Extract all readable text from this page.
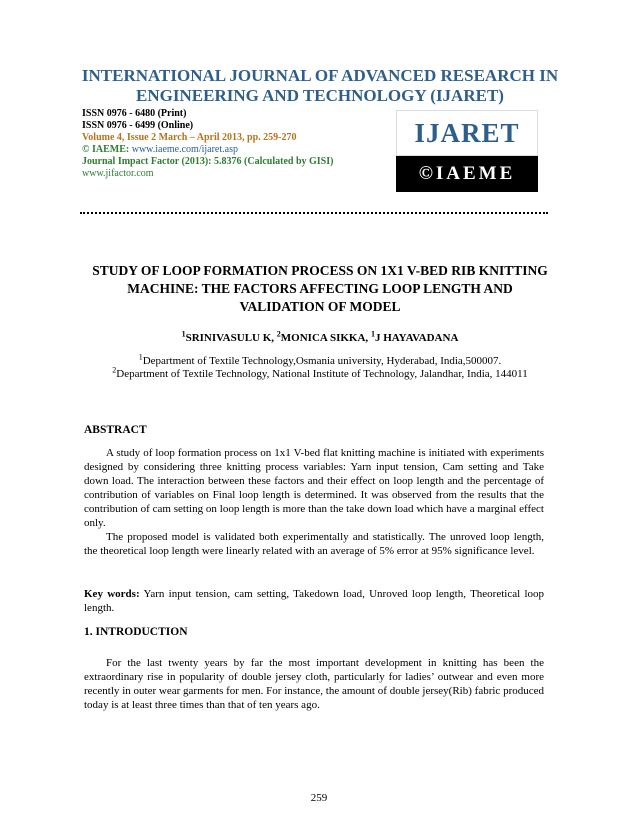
INTERNATIONAL JOURNAL OF ADVANCED RESEARCH IN ENGINEERING AND TECHNOLOGY (IJARET)
ISSN 0976 - 6480 (Print)
ISSN 0976 - 6499 (Online)
Volume 4, Issue 2 March – April 2013, pp. 259-270
© IAEME: www.iaeme.com/ijaret.asp
Journal Impact Factor (2013): 5.8376 (Calculated by GISI)
www.jifactor.com
IJARET
©IAEME
STUDY OF LOOP FORMATION PROCESS ON 1X1 V-BED RIB KNITTING MACHINE: THE FACTORS AFFECTING LOOP LENGTH AND VALIDATION OF MODEL
$^1$SRINIVASULU K, $^2$MONICA SIKKA, $^1$J HAYAVADANA
$^1$Department of Textile Technology,Osmania university, Hyderabad, India,500007.
$^2$Department of Textile Technology, National Institute of Technology, Jalandhar, India, 144011
ABSTRACT

A study of loop formation process on 1x1 V-bed flat knitting machine is initiated with experiments designed by considering three knitting process variables: Yarn input tension, Cam setting and Take down load. The interaction between these factors and their effect on loop length and the percentage of contribution of variables on Final loop length is determined. It was observed from the results that the contribution of cam setting on loop length is more than the take down load which have a marginal effect only.

The proposed model is validated both experimentally and statistically. The unroved loop length, the theoretical loop length were linearly related with an average of 5% error at 95% significance level.

Key words: Yarn input tension, cam setting, Takedown load, Unroved loop length, Theoretical loop length.
1. INTRODUCTION

For the last twenty years by far the most important development in knitting has been the extraordinary rise in popularity of double jersey cloth, particularly for ladies’ outwear and even more recently in outer wear garments for men. For instance, the amount of double jersey(Rib) fabric produced today is at least three times than that of ten years ago.

259
